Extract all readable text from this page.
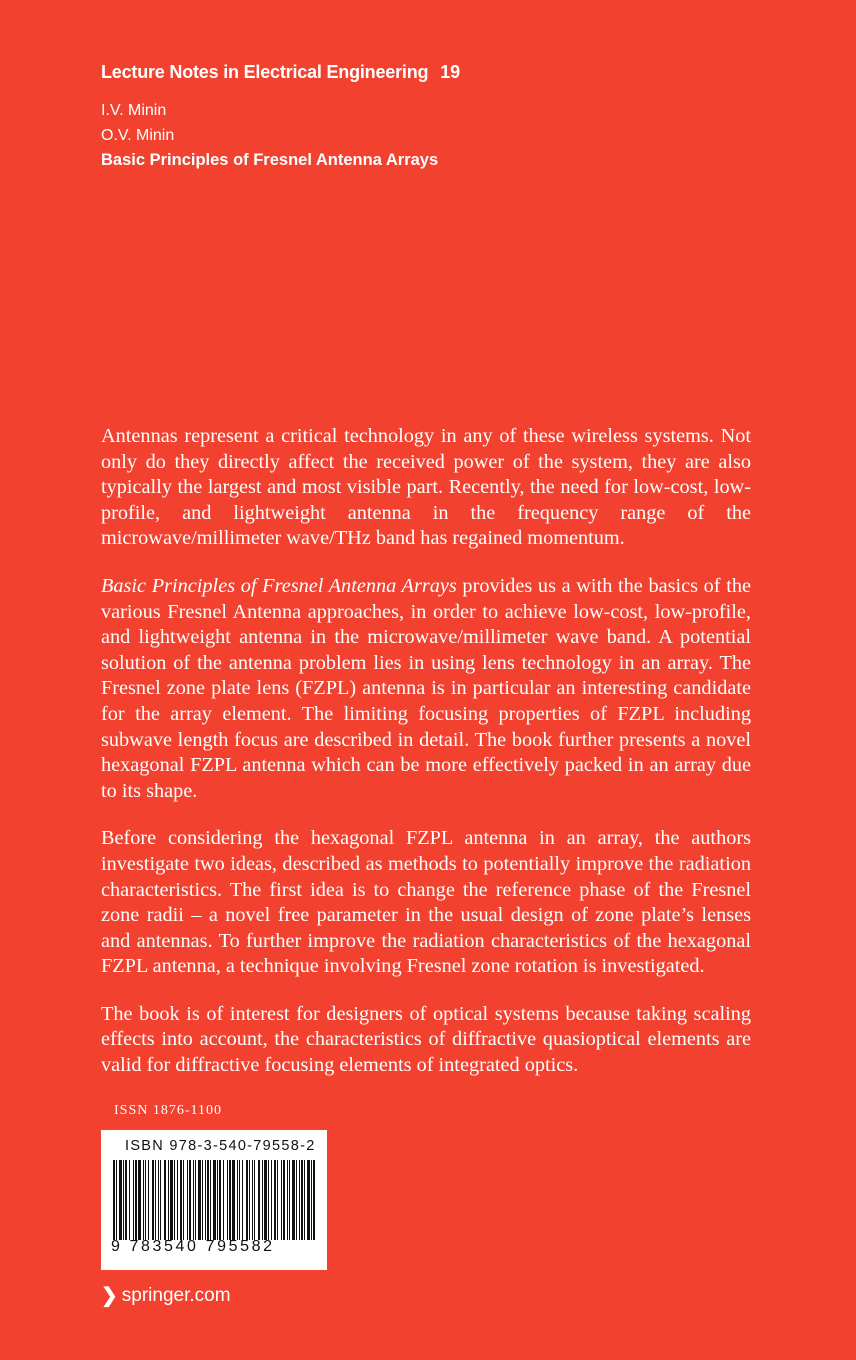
Lecture Notes in Electrical Engineering 19
I.V. Minin
O.V. Minin
Basic Principles of Fresnel Antenna Arrays

Antennas represent a critical technology in any of these wireless systems. Not only do they directly affect the received power of the system, they are also typically the largest and most visible part. Recently, the need for low-cost, low-profile, and lightweight antenna in the frequency range of the microwave/millimeter wave/THz band has regained momentum.

Basic Principles of Fresnel Antenna Arrays provides us a with the basics of the various Fresnel Antenna approaches, in order to achieve low-cost, low-profile, and lightweight antenna in the microwave/millimeter wave band. A potential solution of the antenna problem lies in using lens technology in an array. The Fresnel zone plate lens (FZPL) antenna is in particular an interesting candidate for the array element. The limiting focusing properties of FZPL including subwave length focus are described in detail. The book further presents a novel hexagonal FZPL antenna which can be more effectively packed in an array due to its shape.

Before considering the hexagonal FZPL antenna in an array, the authors investigate two ideas, described as methods to potentially improve the radiation characteristics. The first idea is to change the reference phase of the Fresnel zone radii – a novel free parameter in the usual design of zone plate’s lenses and antennas. To further improve the radiation characteristics of the hexagonal FZPL antenna, a technique involving Fresnel zone rotation is investigated.

The book is of interest for designers of optical systems because taking scaling effects into account, the characteristics of diffractive quasioptical elements are valid for diffractive focusing elements of integrated optics.

ISSN 1876-1100
ISBN 978-3-540-79558-2
9 783540 795582
❯ springer.com
